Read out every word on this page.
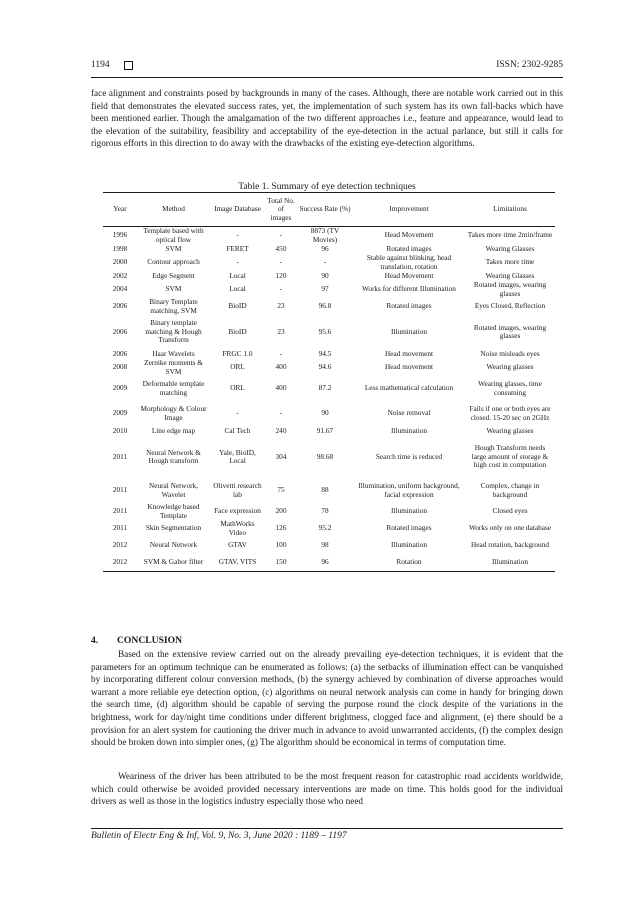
1194	ISSN: 2302-9285

face alignment and constraints posed by backgrounds in many of the cases. Although, there are notable work carried out in this field that demonstrates the elevated success rates, yet, the implementation of such system has its own fall-backs which have been mentioned earlier. Though the amalgamation of the two different approaches i.e., feature and appearance, would lead to the elevation of the suitability, feasibility and acceptability of the eye-detection in the actual parlance, but still it calls for rigorous efforts in this direction to do away with the drawbacks of the existing eye-detection algorithms.

Table 1. Summary of eye detection techniques
Year	Method	Image Database	Total No. of images	Success Rate (%)	Improvement	Limitations
1996	Template based with optical flow	-	-	8873 (TV Movies)	Head Movement	Takes more time 2min/frame
1998	SVM	FERET	450	96	Rotated images	Wearing Glasses
2000	Contour approach	-	-	-	Stable against blinking, head translation, rotation	Takes more time
2002	Edge Segment	Local	120	90	Head Movement	Wearing Glasses
2004	SVM	Local	-	97	Works for different Illumination	Rotated images, wearing glasses
2006	Binary Template matching, SVM	BioID	23	96.8	Rotated images	Eyes Closed, Reflection
2006	Binary template matching & Hough Transform	BioID	23	95.6	Illumination	Rotated images, wearing glasses
2006	Haar Wavelets	FRGC 1.0	-	94.5	Head movement	Noise misleads eyes
2008	Zernike moments & SVM	ORL	400	94.6	Head movement	Wearing glasses
2009	Deformable template matching	ORL	400	87.2	Less mathematical calculation	Wearing glasses, time consuming
2009	Morphology & Colour Image	-	-	90	Noise removal	Fails if one or both eyes are closed. 15-20 sec on 2GHz
2010	Line edge map	Cal Tech	240	91.67	Illumination	Wearing glasses
2011	Neural Network & Hough transform	Yale, BioID, Local	304	98.68	Search time is reduced	Hough Transform needs large amount of storage & high cost in computation
2011	Neural Network, Wavelet	Olivetti research lab	75	88	Illumination, uniform background, facial expression	Complex, change in background
2011	Knowledge based Template	Face expression	200	78	Illumination	Closed eyes
2011	Skin Segmentation	MathWorks Video	126	95.2	Rotated images	Works only on one database
2012	Neural Network	GTAV	100	98	Illumination	Head rotation, background
2012	SVM & Gabor filter	GTAV, VITS	150	96	Rotation	Illumination
4. CONCLUSION

Based on the extensive review carried out on the already prevailing eye-detection techniques, it is evident that the parameters for an optimum technique can be enumerated as follows: (a) the setbacks of illumination effect can be vanquished by incorporating different colour conversion methods, (b) the synergy achieved by combination of diverse approaches would warrant a more reliable eye detection option, (c) algorithms on neural network analysis can come in handy for bringing down the search time, (d) algorithm should be capable of serving the purpose round the clock despite of the variations in the brightness, work for day/night time conditions under different brightness, clogged face and alignment, (e) there should be a provision for an alert system for cautioning the driver much in advance to avoid unwarranted accidents, (f) the complex design should be broken down into simpler ones, (g) The algorithm should be economical in terms of computation time.

Weariness of the driver has been attributed to be the most frequent reason for catastrophic road accidents worldwide, which could otherwise be avoided provided necessary interventions are made on time. This holds good for the individual drivers as well as those in the logistics industry especially those who need

Bulletin of Electr Eng & Inf, Vol. 9, No. 3, June 2020 : 1189 – 1197
